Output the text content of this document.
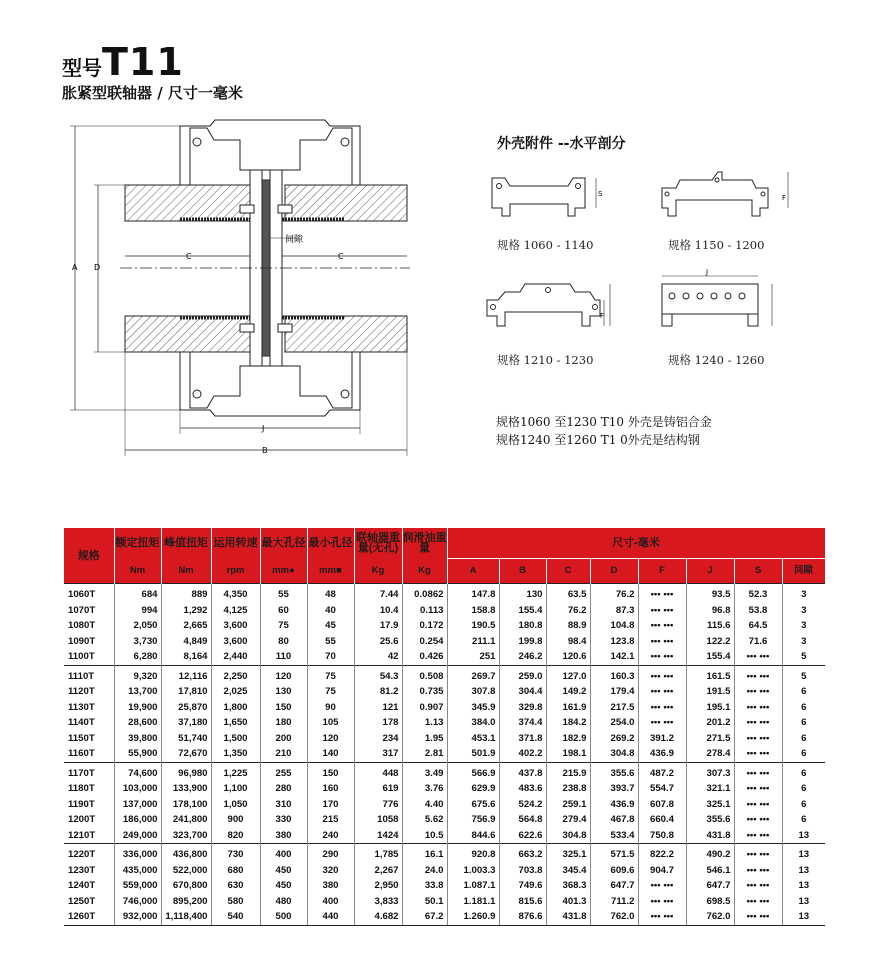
型号T11
胀紧型联轴器 / 尺寸一毫米
A D
C	C
间隙
J
B
外壳附件 --水平剖分
S	F
F
J
规格 1060 - 1140	规格 1150 - 1200
规格 1210 - 1230	规格 1240 - 1260
规格1060 至1230 T10 外壳是铸铝合金
规格1240 至1260 T1 0外壳是结构钢
规格	额定扭矩	峰值扭矩	运用转速	最大孔径	最小孔径	联轴器重量(无孔)	润滑油重量	尺寸-毫米							
	Nm	Nm	rpm	mm●	mm■	Kg	Kg	A	B	C	D	F	J	S	间隙
1060T	684	889	4,350	55	48	7.44	0.0862	147.8	130	63.5	76.2	••• •••	93.5	52.3	3
1070T	994	1,292	4,125	60	40	10.4	0.113	158.8	155.4	76.2	87.3	••• •••	96.8	53.8	3
1080T	2,050	2,665	3,600	75	45	17.9	0.172	190.5	180.8	88.9	104.8	••• •••	115.6	64.5	3
1090T	3,730	4,849	3,600	80	55	25.6	0.254	211.1	199.8	98.4	123.8	••• •••	122.2	71.6	3
1100T	6,280	8,164	2,440	110	70	42	0.426	251	246.2	120.6	142.1	••• •••	155.4	••• •••	5
1110T	9,320	12,116	2,250	120	75	54.3	0.508	269.7	259.0	127.0	160.3	••• •••	161.5	••• •••	5
1120T	13,700	17,810	2,025	130	75	81.2	0.735	307.8	304.4	149.2	179.4	••• •••	191.5	••• •••	6
1130T	19,900	25,870	1,800	150	90	121	0.907	345.9	329.8	161.9	217.5	••• •••	195.1	••• •••	6
1140T	28,600	37,180	1,650	180	105	178	1.13	384.0	374.4	184.2	254.0	••• •••	201.2	••• •••	6
1150T	39,800	51,740	1,500	200	120	234	1.95	453.1	371.8	182.9	269.2	391.2	271.5	••• •••	6
1160T	55,900	72,670	1,350	210	140	317	2.81	501.9	402.2	198.1	304.8	436.9	278.4	••• •••	6
1170T	74,600	96,980	1,225	255	150	448	3.49	566.9	437.8	215.9	355.6	487.2	307.3	••• •••	6
1180T	103,000	133,900	1,100	280	160	619	3.76	629.9	483.6	238.8	393.7	554.7	321.1	••• •••	6
1190T	137,000	178,100	1,050	310	170	776	4.40	675.6	524.2	259.1	436.9	607.8	325.1	••• •••	6
1200T	186,000	241,800	900	330	215	1058	5.62	756.9	564.8	279.4	467.8	660.4	355.6	••• •••	6
1210T	249,000	323,700	820	380	240	1424	10.5	844.6	622.6	304.8	533.4	750.8	431.8	••• •••	13
1220T	336,000	436,800	730	400	290	1,785	16.1	920.8	663.2	325.1	571.5	822.2	490.2	••• •••	13
1230T	435,000	522,000	680	450	320	2,267	24.0	1.003.3	703.8	345.4	609.6	904.7	546.1	••• •••	13
1240T	559,000	670,800	630	450	380	2,950	33.8	1.087.1	749.6	368.3	647.7	••• •••	647.7	••• •••	13
1250T	746,000	895,200	580	480	400	3,833	50.1	1.181.1	815.6	401.3	711.2	••• •••	698.5	••• •••	13
1260T	932,000	1,118,400	540	500	440	4.682	67.2	1.260.9	876.6	431.8	762.0	••• •••	762.0	••• •••	13
